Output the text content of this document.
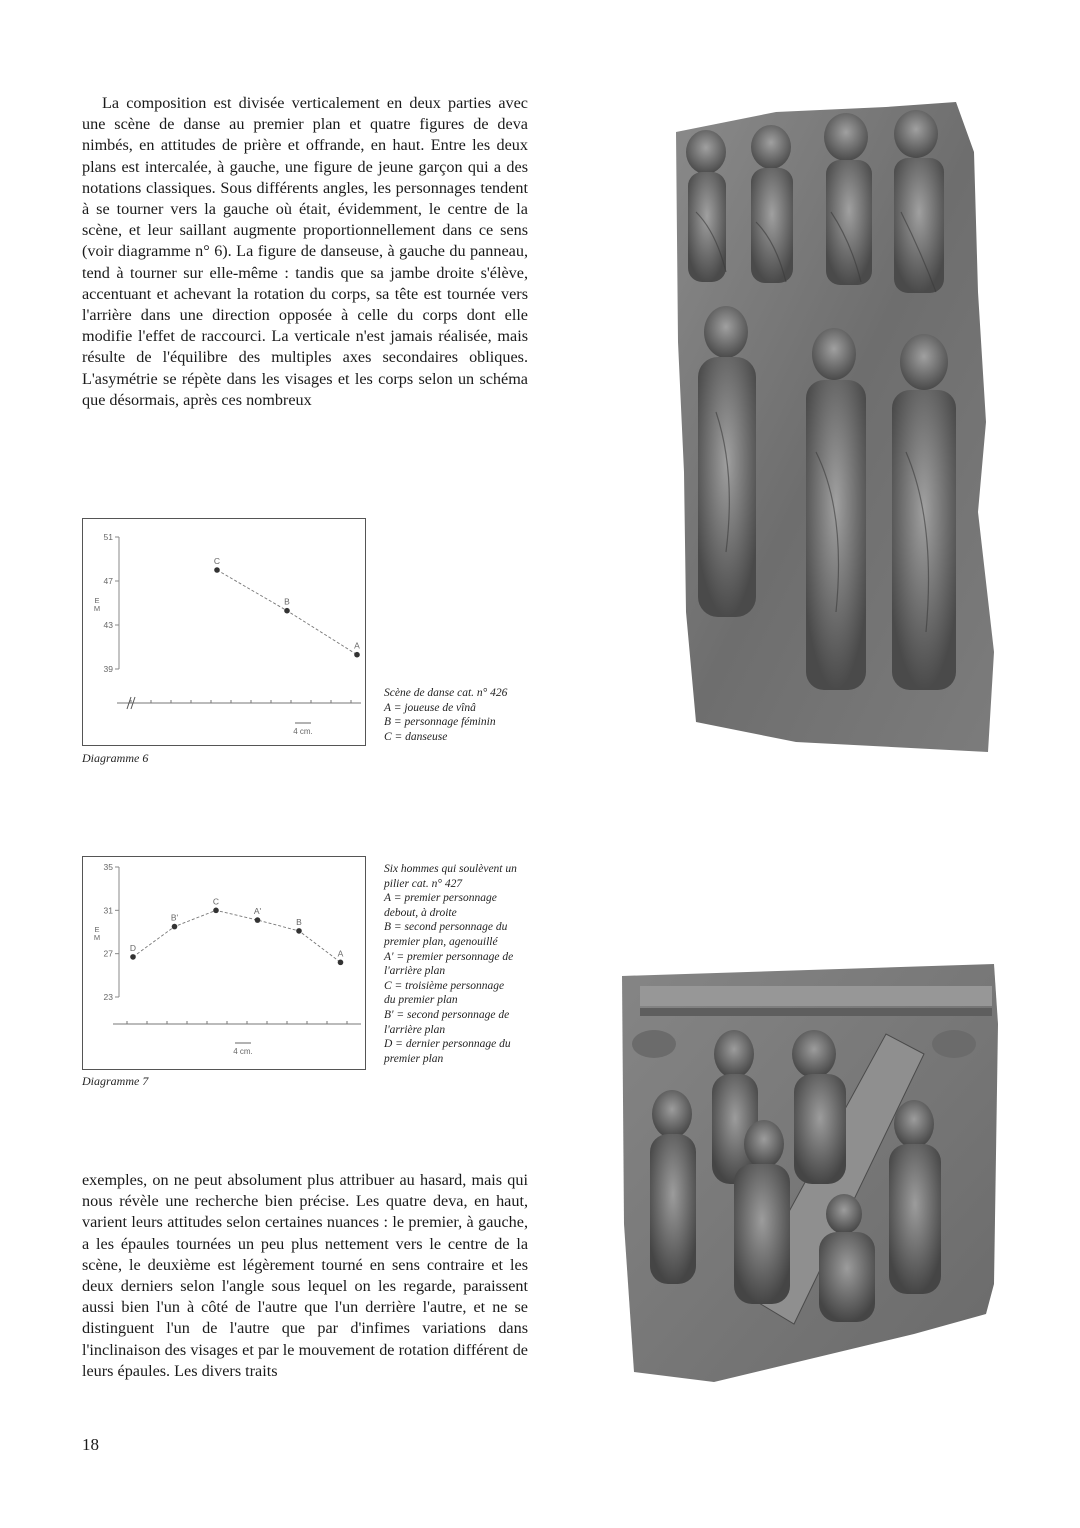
La composition est divisée verticalement en deux parties avec une scène de danse au premier plan et quatre figures de deva nimbés, en attitudes de prière et offrande, en haut. Entre les deux plans est intercalée, à gauche, une figure de jeune garçon qui a des notations classiques. Sous différents angles, les personnages tendent à se tourner vers la gauche où était, évidemment, le centre de la scène, et leur saillant augmente proportionnellement dans ce sens (voir diagramme n° 6). La figure de danseuse, à gauche du panneau, tend à tourner sur elle-même : tandis que sa jambe droite s'élève, accentuant et achevant la rotation du corps, sa tête est tournée vers l'arrière dans une direction opposée à celle du corps dont elle modifie l'effet de raccourci. La verticale n'est jamais réalisée, mais résulte de l'équilibre des multiples axes secondaires obliques. L'asymétrie se répète dans les visages et les corps selon un schéma que désormais, après ces nombreux

51
47
43
39
E M
4 cm.
C
B
A
Scène de danse cat. n° 426
A = joueuse de vînâ
B = personnage féminin
C = danseuse
Diagramme 6
35
31
27
23
E M
4 cm.
D
B'
C
A'
B
A
Six hommes qui soulèvent un
pilier cat. n° 427
A = premier personnage
debout, à droite
B = second personnage du
premier plan, agenouillé
A' = premier personnage de
l'arrière plan
C = troisième personnage
du premier plan
B' = second personnage de
l'arrière plan
D = dernier personnage du
premier plan
Diagramme 7

exemples, on ne peut absolument plus attribuer au hasard, mais qui nous révèle une recherche bien précise. Les quatre deva, en haut, varient leurs attitudes selon certaines nuances : le premier, à gauche, a les épaules tournées un peu plus nettement vers le centre de la scène, le deuxième est légèrement tourné en sens contraire et les deux derniers selon l'angle sous lequel on les regarde, paraissent aussi bien l'un à côté de l'autre que l'un derrière l'autre, et ne se distinguent l'un de l'autre que par d'infimes variations dans l'inclinaison des visages et par le mouvement de rotation différent de leurs épaules. Les divers traits

18
